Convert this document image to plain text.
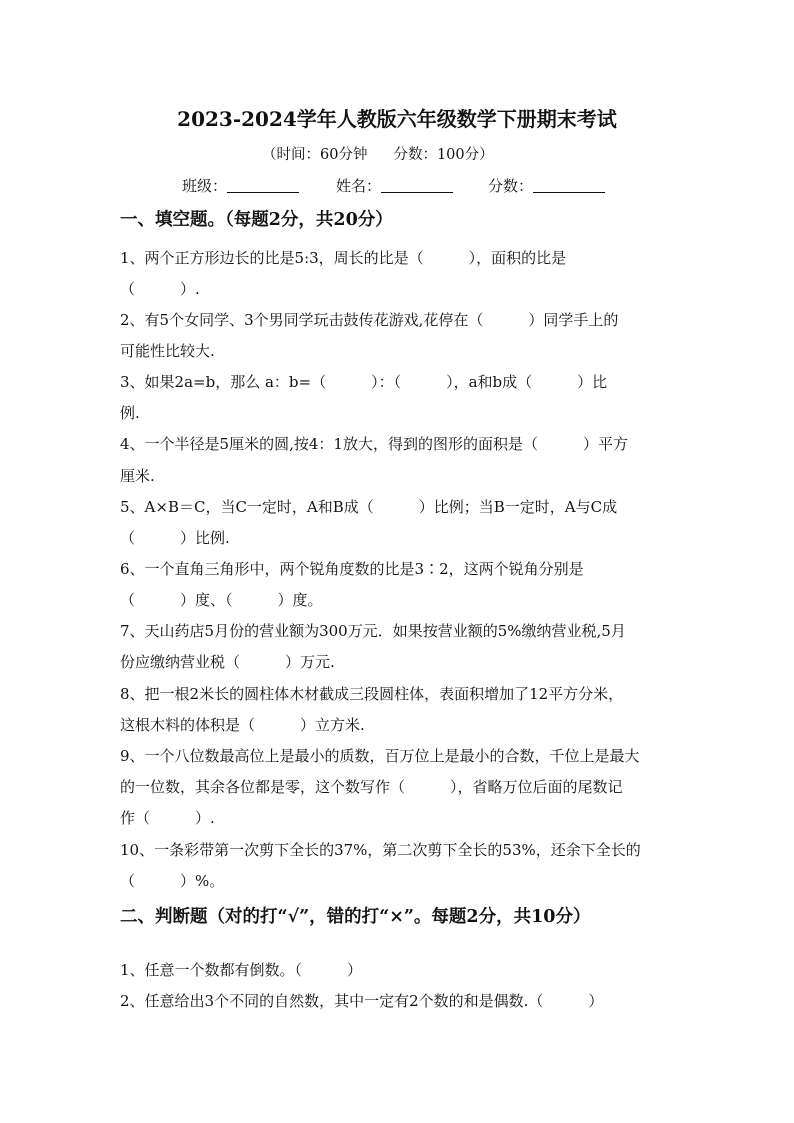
2023-2024学年人教版六年级数学下册期末考试
（时间：60分钟 分数：100分）
班级：	姓名：	分数：
一、填空题。（每题2分，共20分）
1、两个正方形边长的比是5:3，周长的比是（　　　），面积的比是
（　　　）.
2、有5个女同学、3个男同学玩击鼓传花游戏,花停在（　　　）同学手上的
可能性比较大.
3、如果2a=b，那么 a：b=（　　　）：（　　　），a和b成（　　　）比
例.
4、一个半径是5厘米的圆,按4：1放大，得到的图形的面积是（　　　）平方
厘米.
5、A×B＝C，当C一定时，A和B成（　　　）比例；当B一定时，A与C成
（　　　）比例.
6、一个直角三角形中，两个锐角度数的比是3∶2，这两个锐角分别是
（　　　）度、（　　　）度。
7、天山药店5月份的营业额为300万元．如果按营业额的5%缴纳营业税,5月
份应缴纳营业税（　　　）万元.
8、把一根2米长的圆柱体木材截成三段圆柱体，表面积增加了12平方分米，
这根木料的体积是（　　　）立方米.
9、一个八位数最高位上是最小的质数，百万位上是最小的合数，千位上是最大
的一位数，其余各位都是零，这个数写作（　　　），省略万位后面的尾数记
作（　　　）.
10、一条彩带第一次剪下全长的37%，第二次剪下全长的53%，还余下全长的
（　　　）%。
二、判断题（对的打“√”，错的打“×”。每题2分，共10分）
1、任意一个数都有倒数。（　　　）
2、任意给出3个不同的自然数，其中一定有2个数的和是偶数.（　　　）
